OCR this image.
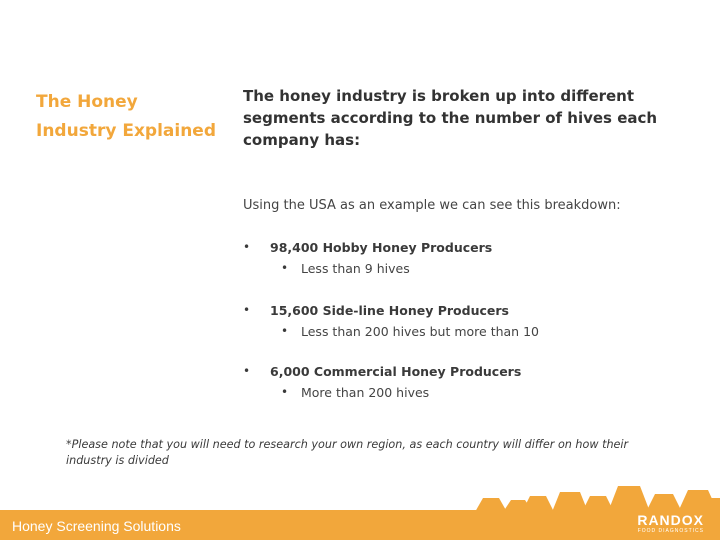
The Honey
Industry Explained
The honey industry is broken up into different segments according to the number of hives each company has:
Using the USA as an example we can see this breakdown:
• 98,400 Hobby Honey Producers
• Less than 9 hives
• 15,600 Side-line Honey Producers
• Less than 200 hives but more than 10
• 6,000 Commercial Honey Producers
• More than 200 hives
*Please note that you will need to research your own region, as each country will differ on how their industry is divided
Honey Screening Solutions	RANDOX
FOOD DIAGNOSTICS
